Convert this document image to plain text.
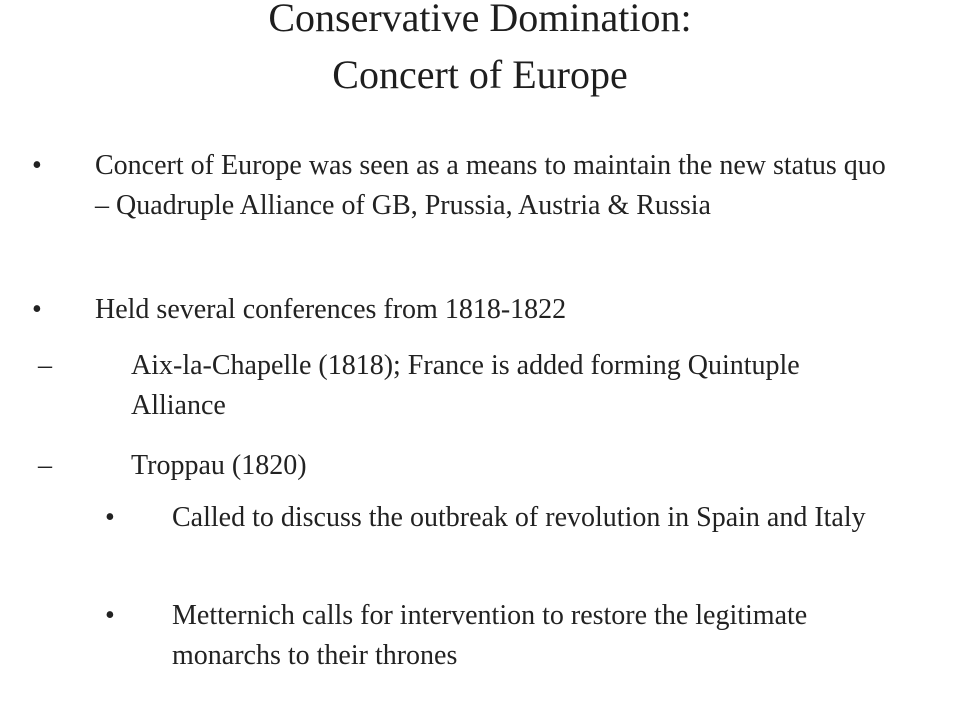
Conservative Domination:
Concert of Europe
• Concert of Europe was seen as a means to maintain the new status quo – Quadruple Alliance of GB, Prussia, Austria & Russia

• Held several conferences from 1818-1822

–	Aix-la-Chapelle (1818); France is added forming Quintuple Alliance

–	Troppau (1820)

• Called to discuss the outbreak of revolution in Spain and Italy

• Metternich calls for intervention to restore the legitimate monarchs to their thrones
